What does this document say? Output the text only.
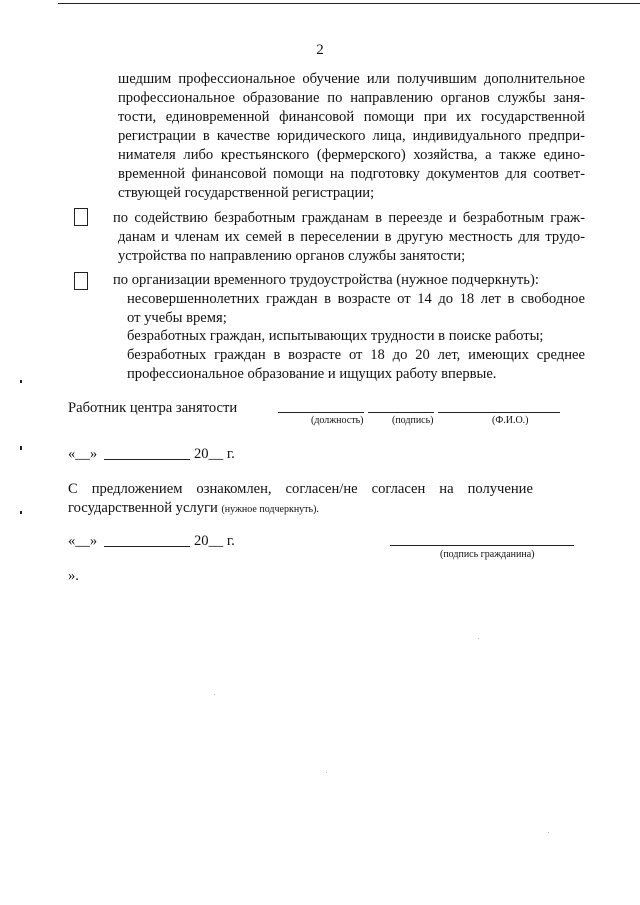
2
шедшим профессиональное обучение или получившим дополнительное
профессиональное образование по направлению органов службы заня-
тости, единовременной финансовой помощи при их государственной
регистрации в качестве юридического лица, индивидуального предпри-
нимателя либо крестьянского (фермерского) хозяйства, а также едино-
временной финансовой помощи на подготовку документов для соответ-
ствующей государственной регистрации;
по содействию безработным гражданам в переезде и безработным граж-
данам и членам их семей в переселении в другую местность для трудо-
устройства по направлению органов службы занятости;
по организации временного трудоустройства (нужное подчеркнуть):
несовершеннолетних граждан в возрасте от 14 до 18 лет в свободное
от учебы время;
безработных граждан, испытывающих трудности в поиске работы;
безработных граждан в возрасте от 18 до 20 лет, имеющих среднее
профессиональное образование и ищущих работу впервые.
Работник центра занятости
(должность)	(подпись)	(Ф.И.О.)
«__»	20__ г.
С предложением ознакомлен, согласен/не согласен на получение
государственной услуги (нужное подчеркнуть).
«__»	20__ г.
(подпись гражданина)
».
